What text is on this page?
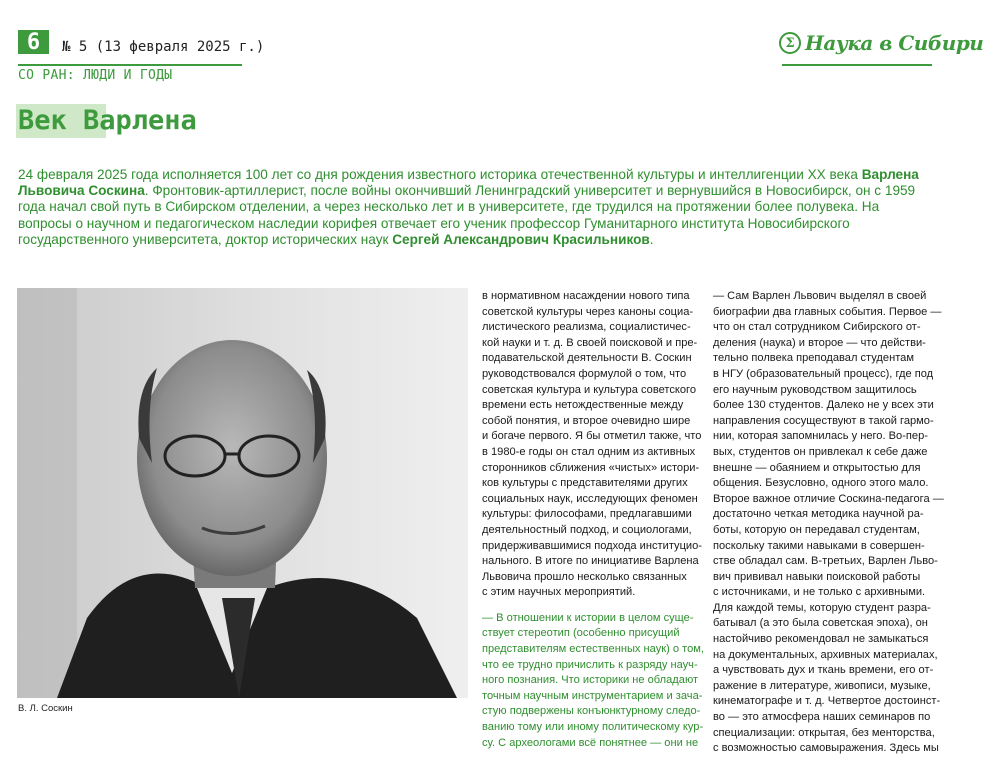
6	№ 5 (13 февраля 2025 г.)
СО РАН: ЛЮДИ И ГОДЫ
Σ Наука в Сибири
Век Варлена

24 февраля 2025 года исполняется 100 лет со дня рождения известного историка отечественной культуры и интеллигенции XX века Варлена Львовича Соскина. Фронтовик-артиллерист, после войны окончивший Ленинградский университет и вернувшийся в Новосибирск, он с 1959 года начал свой путь в Сибирском отделении, а через несколько лет и в университете, где трудился на протяжении более полувека. На вопросы о научном и педагогическом наследии корифея отвечает его ученик профессор Гуманитарного института Новосибирского государственного университета, доктор исторических наук Сергей Александрович Красильников.

В. Л. Соскин

в нормативном насаждении нового типа
советской культуры через каноны социа-
листического реализма, социалистичес-
кой науки и т. д. В своей поисковой и пре-
подавательской деятельности В. Соскин
руководствовался формулой о том, что
советская культура и культура советского
времени есть нетождественные между
собой понятия, и второе очевидно шире
и богаче первого. Я бы отметил также, что
в 1980-е годы он стал одним из активных
сторонников сближения «чистых» истори-
ков культуры с представителями других
социальных наук, исследующих феномен
культуры: философами, предлагавшими
деятельностный подход, и социологами,
придерживавшимися подхода институцио-
нального. В итоге по инициативе Варлена
Львовича прошло несколько связанных
с этим научных мероприятий.

— В отношении к истории в целом суще-
ствует стереотип (особенно присущий
представителям естественных наук) о том,
что ее трудно причислить к разряду науч-
ного познания. Что историки не обладают
точным научным инструментарием и зача-
стую подвержены конъюнктурному следо-
ванию тому или иному политическому кур-
су. С археологами всё понятнее — они не

— Сам Варлен Львович выделял в своей
биографии два главных события. Первое —
что он стал сотрудником Сибирского от-
деления (наука) и второе — что действи-
тельно полвека преподавал студентам
в НГУ (образовательный процесс), где под
его научным руководством защитилось
более 130 студентов. Далеко не у всех эти
направления сосуществуют в такой гармо-
нии, которая запомнилась у него. Во-пер-
вых, студентов он привлекал к себе даже
внешне — обаянием и открытостью для
общения. Безусловно, одного этого мало.
Второе важное отличие Соскина-педагога —
достаточно четкая методика научной ра-
боты, которую он передавал студентам,
поскольку такими навыками в совершен-
стве обладал сам. В-третьих, Варлен Льво-
вич прививал навыки поисковой работы
с источниками, и не только с архивными.
Для каждой темы, которую студент разра-
батывал (а это была советская эпоха), он
настойчиво рекомендовал не замыкаться
на документальных, архивных материалах,
а чувствовать дух и ткань времени, его от-
ражение в литературе, живописи, музыке,
кинематографе и т. д. Четвертое достоинст-
во — это атмосфера наших семинаров по
специализации: открытая, без менторства,
с возможностью самовыражения. Здесь мы
